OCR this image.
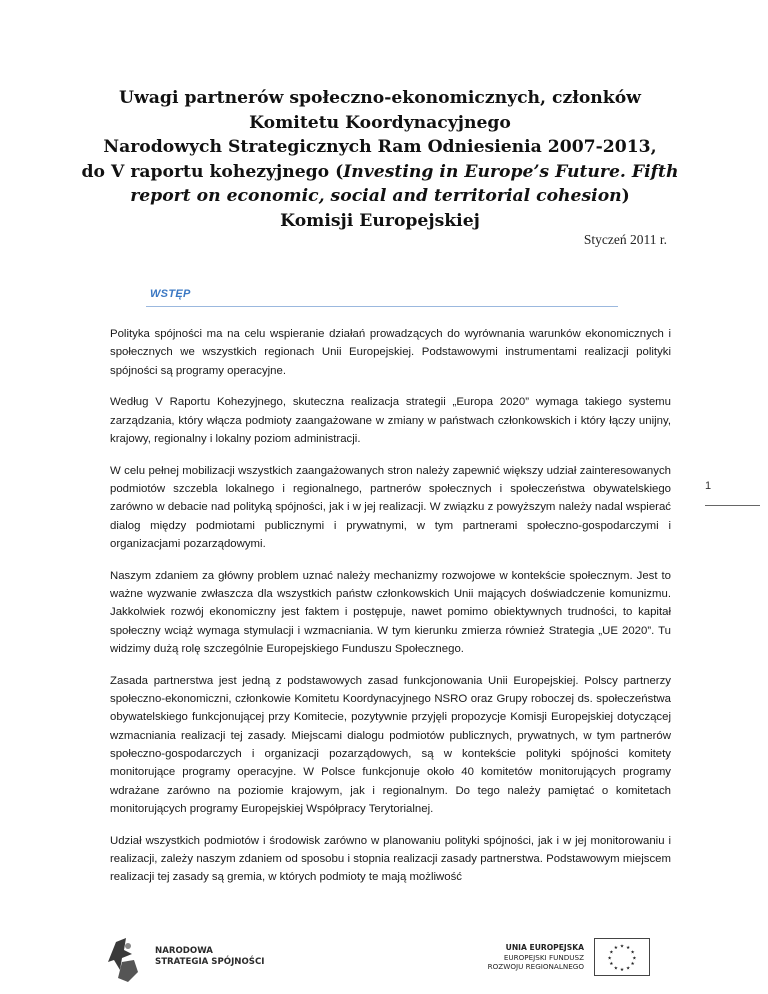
Uwagi partnerów społeczno-ekonomicznych, członków
Komitetu Koordynacyjnego
Narodowych Strategicznych Ram Odniesienia 2007-2013,
do V raportu kohezyjnego (Investing in Europe’s Future. Fifth
report on economic, social and territorial cohesion)
Komisji Europejskiej
Styczeń 2011 r.
WSTĘP

Polityka spójności ma na celu wspieranie działań prowadzących do wyrównania warunków ekonomicznych i społecznych we wszystkich regionach Unii Europejskiej. Podstawowymi instrumentami realizacji polityki spójności są programy operacyjne.

Według V Raportu Kohezyjnego, skuteczna realizacja strategii „Europa 2020” wymaga takiego systemu zarządzania, który włącza podmioty zaangażowane w zmiany w państwach członkowskich i który łączy unijny, krajowy, regionalny i lokalny poziom administracji.

W celu pełnej mobilizacji wszystkich zaangażowanych stron należy zapewnić większy udział zainteresowanych podmiotów szczebla lokalnego i regionalnego, partnerów społecznych i społeczeństwa obywatelskiego zarówno w debacie nad polityką spójności, jak i w jej realizacji. W związku z powyższym należy nadal wspierać dialog między podmiotami publicznymi i prywatnymi, w tym partnerami społeczno-gospodarczymi i organizacjami pozarządowymi.

Naszym zdaniem za główny problem uznać należy mechanizmy rozwojowe w kontekście społecznym. Jest to ważne wyzwanie zwłaszcza dla wszystkich państw członkowskich Unii mających doświadczenie komunizmu. Jakkolwiek rozwój ekonomiczny jest faktem i postępuje, nawet pomimo obiektywnych trudności, to kapitał społeczny wciąż wymaga stymulacji i wzmacniania. W tym kierunku zmierza również Strategia „UE 2020”. Tu widzimy dużą rolę szczególnie Europejskiego Funduszu Społecznego.

Zasada partnerstwa jest jedną z podstawowych zasad funkcjonowania Unii Europejskiej. Polscy partnerzy społeczno-ekonomiczni, członkowie Komitetu Koordynacyjnego NSRO oraz Grupy roboczej ds. społeczeństwa obywatelskiego funkcjonującej przy Komitecie, pozytywnie przyjęli propozycje Komisji Europejskiej dotyczącej wzmacniania realizacji tej zasady. Miejscami dialogu podmiotów publicznych, prywatnych, w tym partnerów społeczno-gospodarczych i organizacji pozarządowych, są w kontekście polityki spójności komitety monitorujące programy operacyjne. W Polsce funkcjonuje około 40 komitetów monitorujących programy wdrażane zarówno na poziomie krajowym, jak i regionalnym. Do tego należy pamiętać o komitetach monitorujących programy Europejskiej Współpracy Terytorialnej.

Udział wszystkich podmiotów i środowisk zarówno w planowaniu polityki spójności, jak i w jej monitorowaniu i realizacji, zależy naszym zdaniem od sposobu i stopnia realizacji zasady partnerstwa. Podstawowym miejscem realizacji tej zasady są gremia, w których podmioty te mają możliwość

1
NARODOWA
STRATEGIA SPÓJNOŚCI
UNIA EUROPEJSKA
EUROPEJSKI FUNDUSZ
ROZWOJU REGIONALNEGO
★ ★
★
★
★
★
★
★
★
★
★
★
